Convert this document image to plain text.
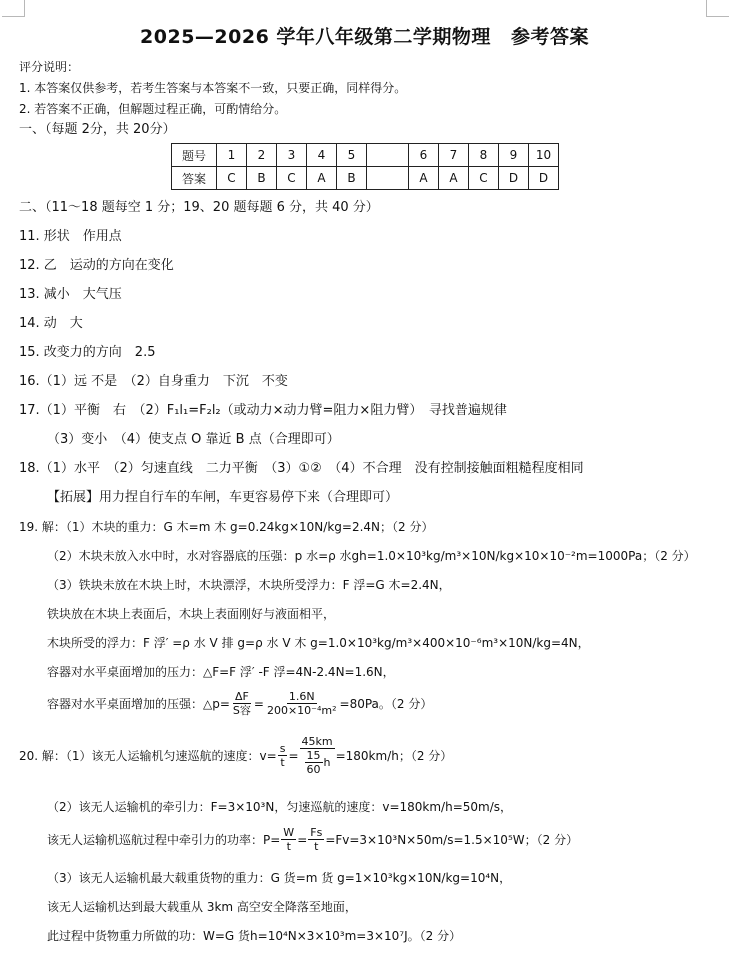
2025—2026 学年八年级第二学期物理 参考答案
评分说明：
1. 本答案仅供参考，若考生答案与本答案不一致，只要正确，同样得分。
2. 若答案不正确，但解题过程正确，可酌情给分。
一、（每题 2分，共 20分）
题号	1	2	3	4	5		6	7	8	9	10
答案	C	B	C	A	B		A	A	C	D	D
二、（11～18 题每空 1 分；19、20 题每题 6 分，共 40 分）
11. 形状　作用点
12. 乙　运动的方向在变化
13. 减小　大气压
14. 动　大
15. 改变力的方向　2.5
16.（1）远 不是　（2）自身重力　下沉　不变
17.（1）平衡　右　（2）F₁l₁=F₂l₂（或动力×动力臂=阻力×阻力臂）　寻找普遍规律
（3）变小　（4）使支点 O 靠近 B 点（合理即可）
18.（1）水平　（2）匀速直线　二力平衡　（3）①②　（4）不合理　没有控制接触面粗糙程度相同
【拓展】用力捏自行车的车闸，车更容易停下来（合理即可）
19. 解：（1）木块的重力：G 木=m 木 g=0.24kg×10N/kg=2.4N；（2 分）
（2）木块未放入水中时，水对容器底的压强：p 水=ρ 水gh=1.0×10³kg/m³×10N/kg×10×10⁻²m=1000Pa；（2 分）
（3）铁块未放在木块上时，木块漂浮，木块所受浮力：F 浮=G 木=2.4N，
铁块放在木块上表面后，木块上表面刚好与液面相平，
木块所受的浮力：F 浮′ =ρ 水 V 排 g=ρ 水 V 木 g=1.0×10³kg/m³×400×10⁻⁶m³×10N/kg=4N，
容器对水平桌面增加的压力：△F=F 浮′ -F 浮=4N-2.4N=1.6N，
容器对水平桌面增加的压强：△p= $\frac{\Delta F}{\text{S容}} = \frac{1.6N}{\text{200×10⁻⁴m²}} =80Pa$。（2 分）
20. 解：（1）该无人运输机匀速巡航的速度：$v= \frac{s}{t} = \frac{45km}{\frac{15}{60} h} =180km/h$；（2 分）
（2）该无人运输机的牵引力：F=3×10³N，匀速巡航的速度：v=180km/h=50m/s，
该无人运输机巡航过程中牵引力的功率：$P= \frac{W}{t} = \frac{Fs}{t} =Fv=3\times 10^3N\times 50m/s=1.5\times 10^5W$；（2 分）
（3）该无人运输机最大载重货物的重力：G 货=m 货 g=1×10³kg×10N/kg=10⁴N，
该无人运输机达到最大载重从 3km 高空安全降落至地面，
此过程中货物重力所做的功：W=G 货h=10⁴N×3×10³m=3×10⁷J。（2 分）
